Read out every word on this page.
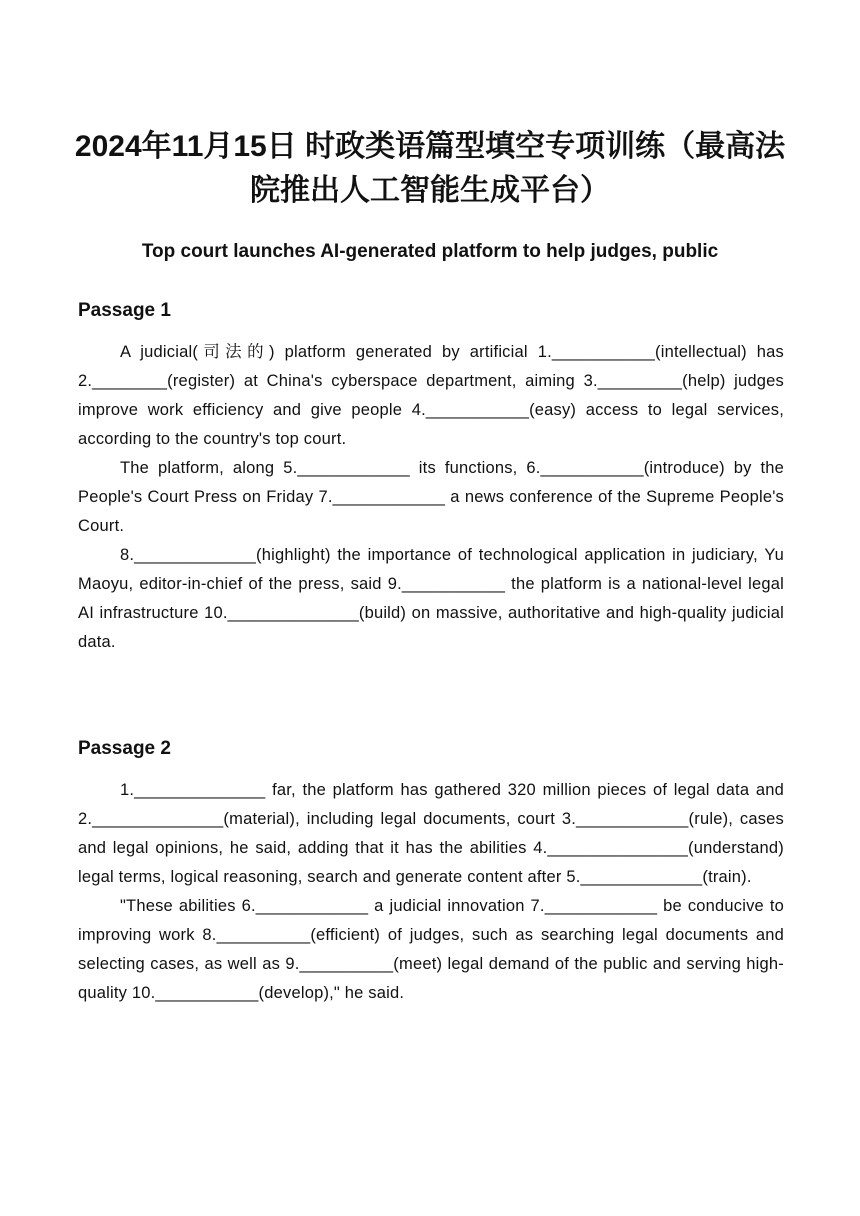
2024年11月15日 时政类语篇型填空专项训练（最高法院推出人工智能生成平台）
Top court launches AI-generated platform to help judges, public
Passage 1

A judicial(司法的) platform generated by artificial 1.___________(intellectual) has 2.________(register) at China's cyberspace department, aiming 3._________(help) judges improve work efficiency and give people 4.___________(easy) access to legal services, according to the country's top court.

The platform, along 5.____________ its functions, 6.___________(introduce) by the People's Court Press on Friday 7.____________ a news conference of the Supreme People's Court.

8._____________(highlight) the importance of technological application in judiciary, Yu Maoyu, editor-in-chief of the press, said 9.___________ the platform is a national-level legal AI infrastructure 10.______________(build) on massive, authoritative and high-quality judicial data.

Passage 2

1.______________ far, the platform has gathered 320 million pieces of legal data and 2.______________(material), including legal documents, court 3.____________(rule), cases and legal opinions, he said, adding that it has the abilities 4._______________(understand) legal terms, logical reasoning, search and generate content after 5._____________(train).

"These abilities 6.____________ a judicial innovation 7.____________ be conducive to improving work 8.__________(efficient) of judges, such as searching legal documents and selecting cases, as well as 9.__________(meet) legal demand of the public and serving high-quality 10.___________(develop)," he said.
